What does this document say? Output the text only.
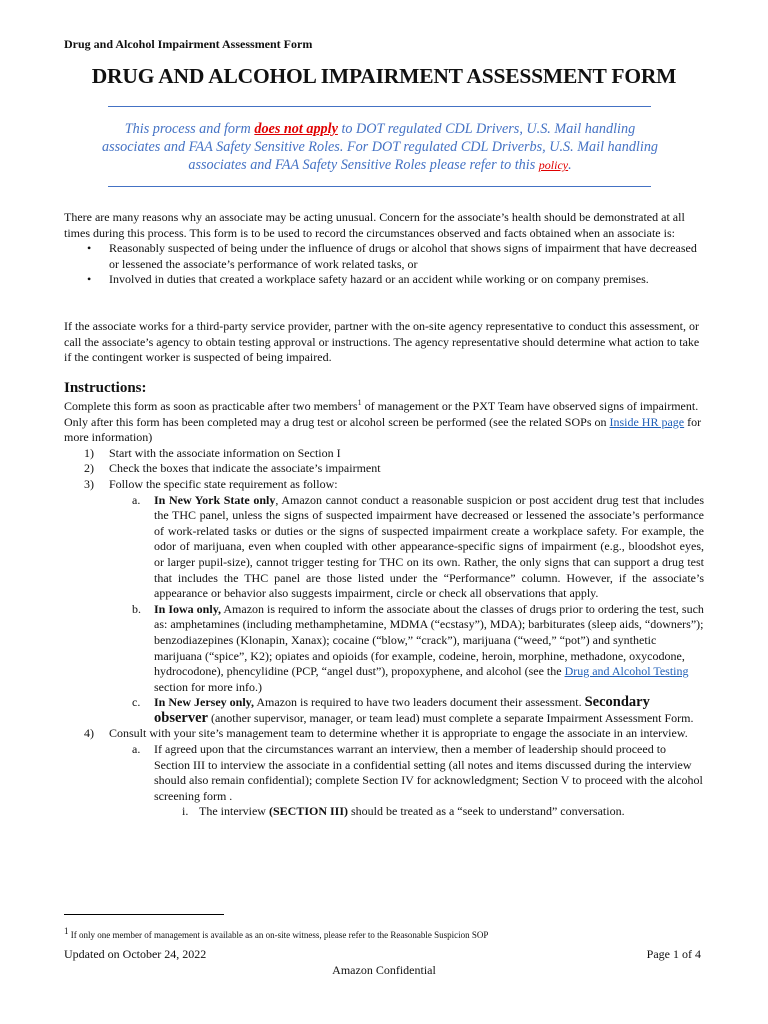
Drug and Alcohol Impairment Assessment Form
DRUG AND ALCOHOL IMPAIRMENT ASSESSMENT FORM
This process and form does not apply to DOT regulated CDL Drivers, U.S. Mail handling associates and FAA Safety Sensitive Roles. For DOT regulated CDL Driverbs, U.S. Mail handling associates and FAA Safety Sensitive Roles please refer to this policy.
There are many reasons why an associate may be acting unusual. Concern for the associate’s health should be demonstrated at all times during this process. This form is to be used to record the circumstances observed and facts obtained when an associate is:
• Reasonably suspected of being under the influence of drugs or alcohol that shows signs of impairment that have decreased or lessened the associate’s performance of work related tasks, or
• Involved in duties that created a workplace safety hazard or an accident while working or on company premises.
If the associate works for a third-party service provider, partner with the on-site agency representative to conduct this assessment, or call the associate’s agency to obtain testing approval or instructions. The agency representative should determine what action to take if the contingent worker is suspected of being impaired.
Instructions:
Complete this form as soon as practicable after two members$^1$ of management or the PXT Team have observed signs of impairment. Only after this form has been completed may a drug test or alcohol screen be performed (see the related SOPs on Inside HR page for more information)
1) Start with the associate information on Section I
2) Check the boxes that indicate the associate’s impairment
3) Follow the specific state requirement as follow:
a. In New York State only, Amazon cannot conduct a reasonable suspicion or post accident drug test that includes the THC panel, unless the signs of suspected impairment have decreased or lessened the associate’s performance of work-related tasks or duties or the signs of suspected impairment create a workplace safety. For example, the odor of marijuana, even when coupled with other appearance-specific signs of impairment (e.g., bloodshot eyes, or larger pupil-size), cannot trigger testing for THC on its own. Rather, the only signs that can support a drug test that includes the THC panel are those listed under the “Performance” column. However, if the associate’s appearance or behavior also suggests impairment, circle or check all observations that apply.
b. In Iowa only, Amazon is required to inform the associate about the classes of drugs prior to ordering the test, such as: amphetamines (including methamphetamine, MDMA (“ecstasy”), MDA); barbiturates (sleep aids, “downers”); benzodiazepines (Klonapin, Xanax); cocaine (“blow,” “crack”), marijuana (“weed,” “pot”) and synthetic marijuana (“spice”, K2); opiates and opioids (for example, codeine, heroin, morphine, methadone, oxycodone, hydrocodone), phencylidine (PCP, “angel dust”), propoxyphene, and alcohol (see the Drug and Alcohol Testing section for more info.)
c. In New Jersey only, Amazon is required to have two leaders document their assessment. Secondary observer (another supervisor, manager, or team lead) must complete a separate Impairment Assessment Form.
4) Consult with your site’s management team to determine whether it is appropriate to engage the associate in an interview.
a. If agreed upon that the circumstances warrant an interview, then a member of leadership should proceed to Section III to interview the associate in a confidential setting (all notes and items discussed during the interview should also remain confidential); complete Section IV for acknowledgment; Section V to proceed with the alcohol screening form .
i. The interview (SECTION III) should be treated as a “seek to understand” conversation.
$^1$ If only one member of management is available as an on-site witness, please refer to the Reasonable Suspicion SOP
Updated on October 24, 2022	Page 1 of 4
Amazon Confidential
